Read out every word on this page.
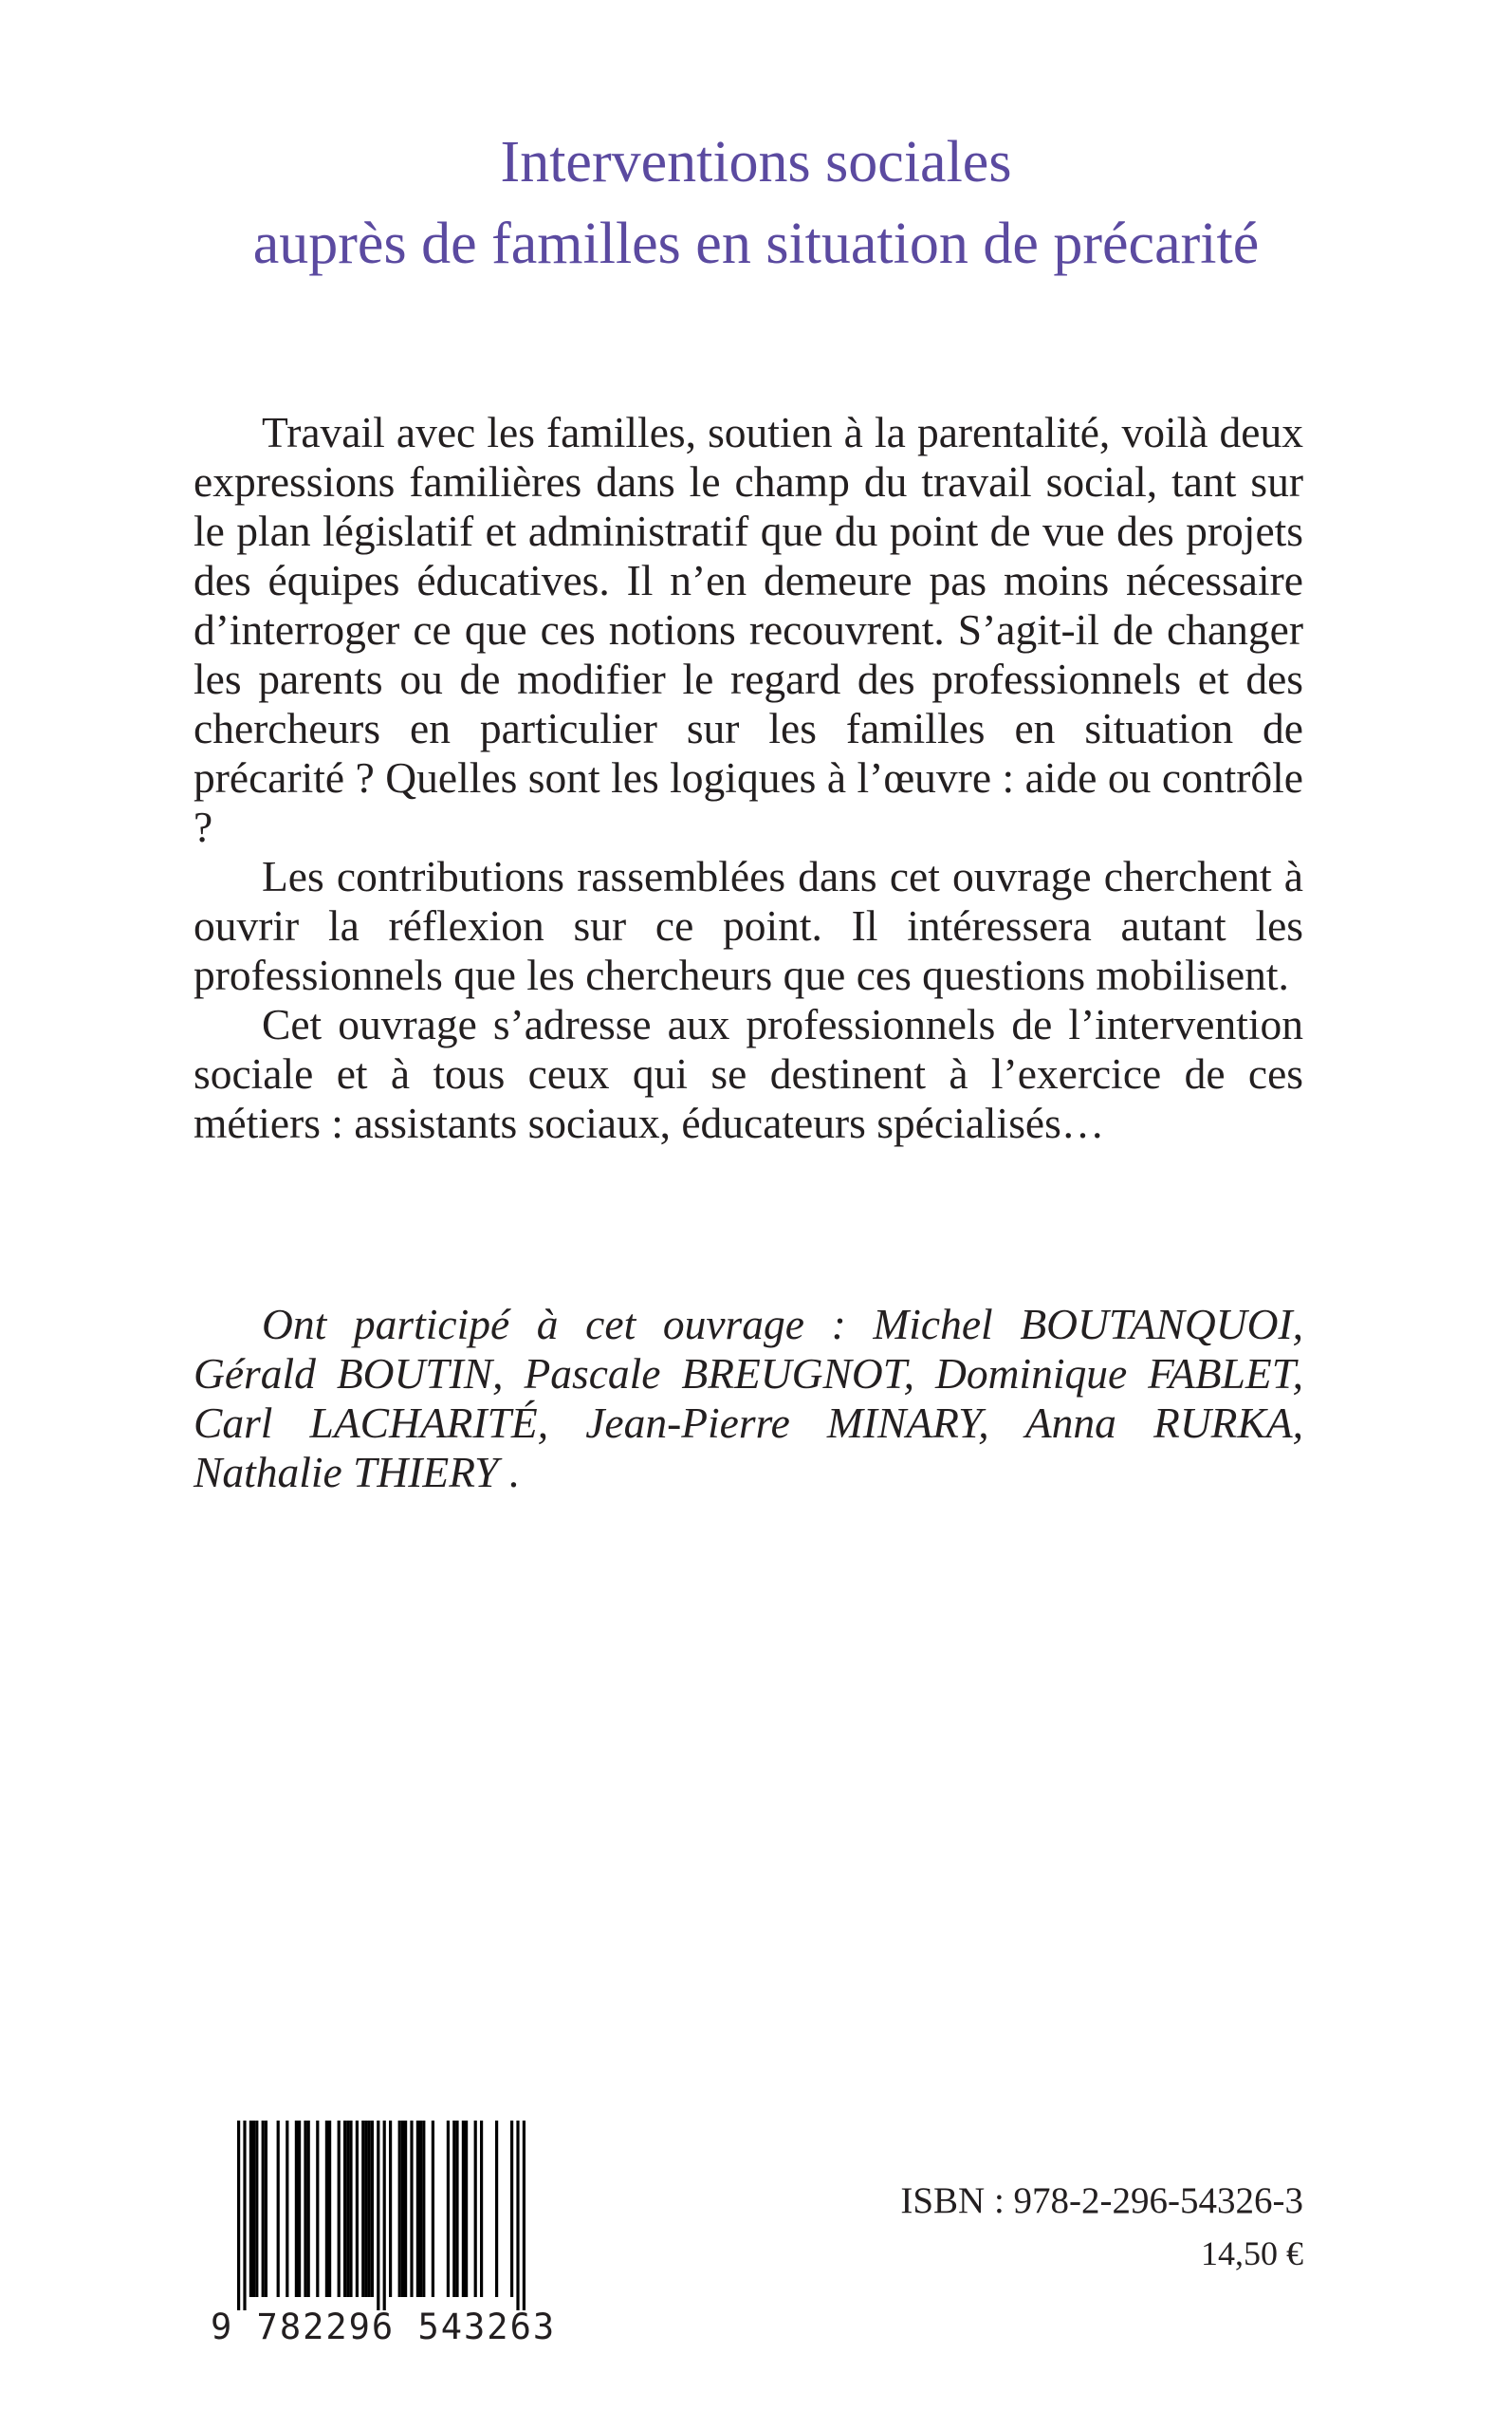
Interventions sociales
auprès de familles en situation de précarité

Travail avec les familles, soutien à la parentalité, voilà deux expressions familières dans le champ du travail social, tant sur le plan législatif et administratif que du point de vue des projets des équipes éducatives. Il n’en demeure pas moins nécessaire d’interroger ce que ces notions recouvrent. S’agit-il de changer les parents ou de modifier le regard des professionnels et des chercheurs en particulier sur les familles en situation de précarité ? Quelles sont les logiques à l’œuvre : aide ou contrôle ?

Les contributions rassemblées dans cet ouvrage cherchent à ouvrir la réflexion sur ce point. Il intéressera autant les professionnels que les chercheurs que ces questions mobilisent.

Cet ouvrage s’adresse aux professionnels de l’intervention sociale et à tous ceux qui se destinent à l’exercice de ces métiers : assistants sociaux, éducateurs spécialisés…

Ont participé à cet ouvrage : Michel BOUTANQUOI, Gérald BOUTIN, Pascale BREUGNOT, Dominique FABLET, Carl LACHARITÉ, Jean-Pierre MINARY, Anna RURKA, Nathalie THIERY .
9 782296 543263
ISBN : 978-2-296-54326-3
14,50 €
